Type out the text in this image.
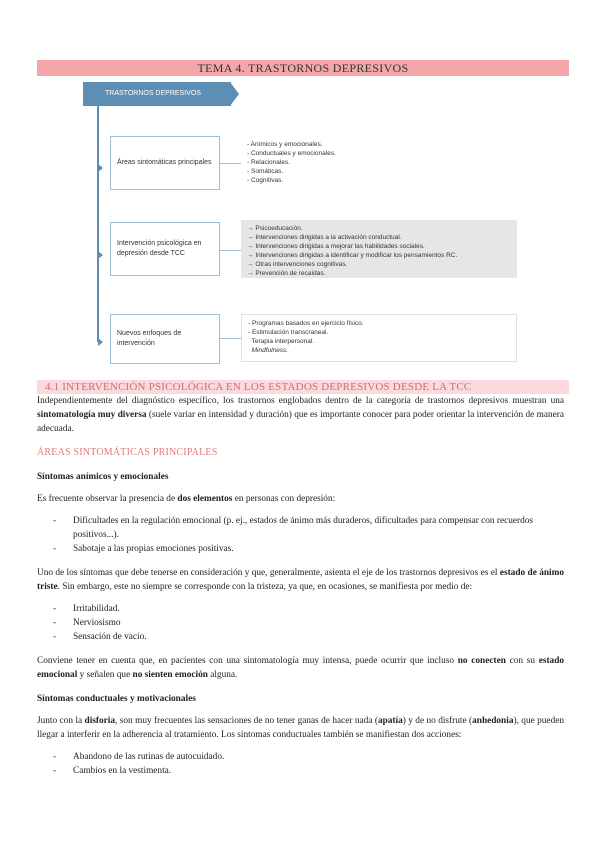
TEMA 4. TRASTORNOS DEPRESIVOS
TRASTORNOS DEPRESIVOS
Áreas sintomáticas principales
- Anímicos y emocionales.
- Conductuales y emocionales.
- Relacionales.
- Somáticas.
- Cognitivas.
Intervención psicológica en depresión desde TCC
→ Psicoeducación.
→ Intervenciones dirigidas a la activación conductual.
→ Intervenciones dirigidas a mejorar las habilidades sociales.
→ Intervenciones dirigidas a identificar y modificar los pensamientos RC.
→ Otras intervenciones cognitivas.
→ Prevención de recaídas.
Nuevos enfoques de intervención
- Programas basados en ejercicio físico.
- Estimulación transcraneal.
Terapia interpersonal.
Mindfulness.
4.1 INTERVENCIÓN PSICOLÓGICA EN LOS ESTADOS DEPRESIVOS DESDE LA TCC

Independientemente del diagnóstico específico, los trastornos englobados dentro de la categoría de trastornos depresivos muestran una sintomatología muy diversa (suele variar en intensidad y duración) que es importante conocer para poder orientar la intervención de manera adecuada.

ÁREAS SINTOMÁTICAS PRINCIPALES
Síntomas anímicos y emocionales

Es frecuente observar la presencia de dos elementos en personas con depresión:

- Dificultades en la regulación emocional (p. ej., estados de ánimo más duraderos, dificultades para compensar con recuerdos positivos...).
- Sabotaje a las propias emociones positivas.

Uno de los síntomas que debe tenerse en consideración y que, generalmente, asienta el eje de los trastornos depresivos es el estado de ánimo triste. Sin embargo, este no siempre se corresponde con la tristeza, ya que, en ocasiones, se manifiesta por medio de:

- Irritabilidad.
- Nerviosismo
- Sensación de vacío.

Conviene tener en cuenta que, en pacientes con una sintomatología muy intensa, puede ocurrir que incluso no conecten con su estado emocional y señalen que no sienten emoción alguna.

Síntomas conductuales y motivacionales

Junto con la disforia, son muy frecuentes las sensaciones de no tener ganas de hacer nada (apatía) y de no disfrute (anhedonia), que pueden llegar a interferir en la adherencia al tratamiento. Los síntomas conductuales también se manifiestan dos acciones:

- Abandono de las rutinas de autocuidado.
- Cambios en la vestimenta.
